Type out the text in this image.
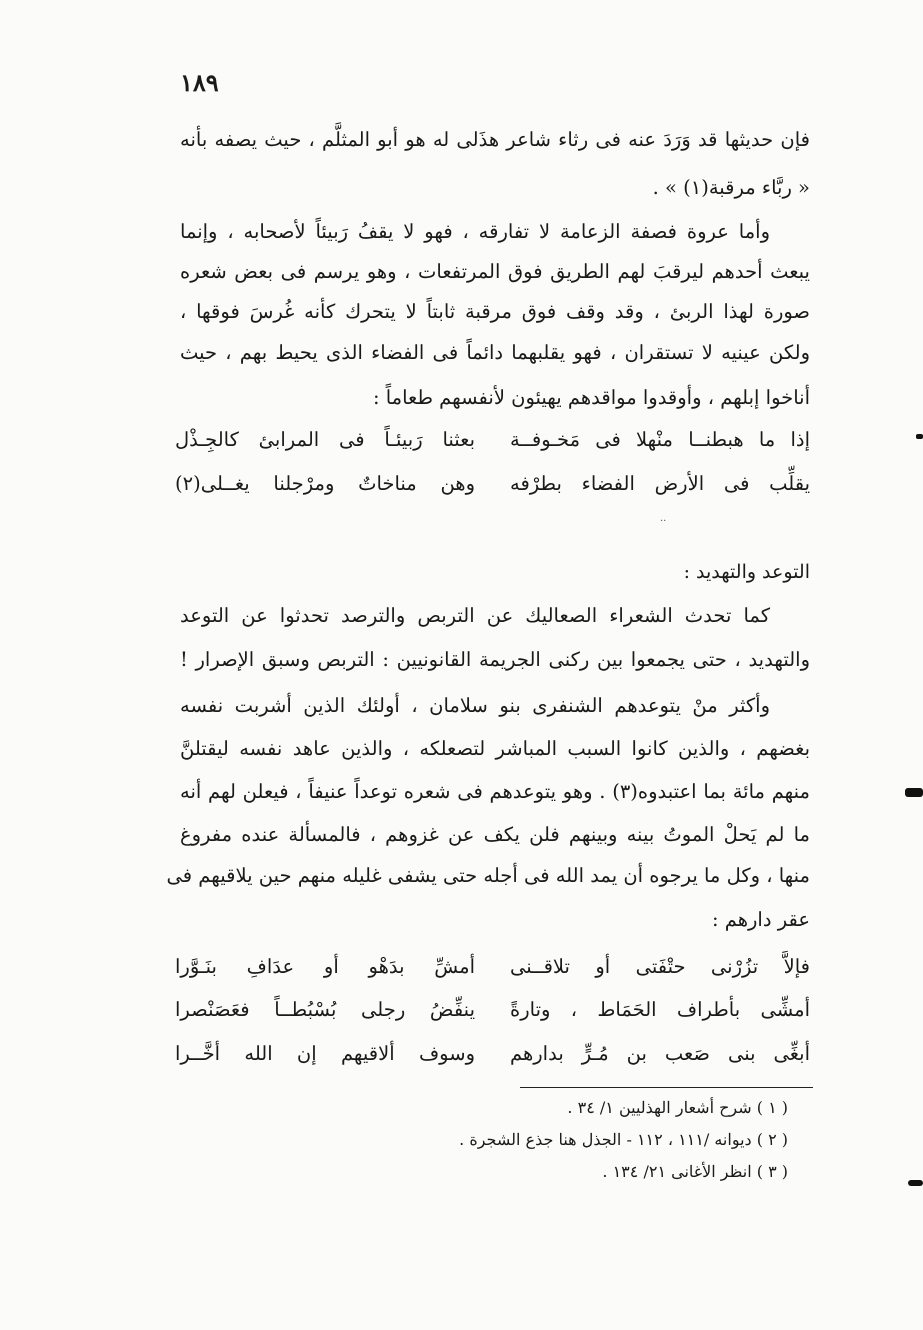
١٨٩
فإن حديثها قد وَرَدَ عنه فى رثاء شاعر هذَلى له هو أبو المثلَّم ، حيث يصفه بأنه
« ربَّاء مرقبة(١) » .
وأما عروة فصفة الزعامة لا تفارقه ، فهو لا يقفُ رَبيئاً لأصحابه ، وإنما
يبعث أحدهم ليرقبَ لهم الطريق فوق المرتفعات ، وهو يرسم فى بعض شعره
صورة لهذا الربئ ، وقد وقف فوق مرقبة ثابتاً لا يتحرك كأنه غُرسَ فوقها ،
ولكن عينيه لا تستقران ، فهو يقلبهما دائماً فى الفضاء الذى يحيط بهم ، حيث
أناخوا إبلهم ، وأوقدوا مواقدهم يهيئون لأنفسهم طعاماً :
إذا ما هبطنــا منْهلا فى مَخـوفــة
بعثنا رَبيئـاً فى المرابئ كالجِـذْل
يقلِّب فى الأرض الفضاء بطرْفه
وهن مناخاتٌ ومرْجلنا يغــلى(٢)
··
التوعد والتهديد :
كما تحدث الشعراء الصعاليك عن التربص والترصد تحدثوا عن التوعد
والتهديد ، حتى يجمعوا بين ركنى الجريمة القانونيين : التربص وسبق الإصرار !
وأكثر منْ يتوعدهم الشنفرى بنو سلامان ، أولئك الذين أشربت نفسه
بغضهم ، والذين كانوا السبب المباشر لتصعلكه ، والذين عاهد نفسه ليقتلنَّ
منهم مائة بما اعتبدوه(٣) . وهو يتوعدهم فى شعره توعداً عنيفاً ، فيعلن لهم أنه
ما لم يَحلْ الموتُ بينه وبينهم فلن يكف عن غزوهم ، فالمسألة عنده مفروغ
منها ، وكل ما يرجوه أن يمد الله فى أجله حتى يشفى غليله منهم حين يلاقيهم فى
عقر دارهم :
فإلاَّ تزُرْنى حتْفَتى أو تلاقــنى
أمشِّ بدَهْو أو عدَافِ بنَـوَّرا
أمشِّى بأطراف الحَمَاط ، وتارةً
ينفِّضُ رجلى بُسْبُطــاً فعَصَنْصرا
أبغِّى بنى صَعب بن مُـرٍّ بدارهم
وسوف ألاقيهم إن الله أخَّــرا
( ١ ) شرح أشعار الهذليين ١/ ٣٤ .
( ٢ ) ديوانه /١١١ ، ١١٢ - الجذل هنا جذع الشجرة .
( ٣ ) انظر الأغانى ٢١/ ١٣٤ .
